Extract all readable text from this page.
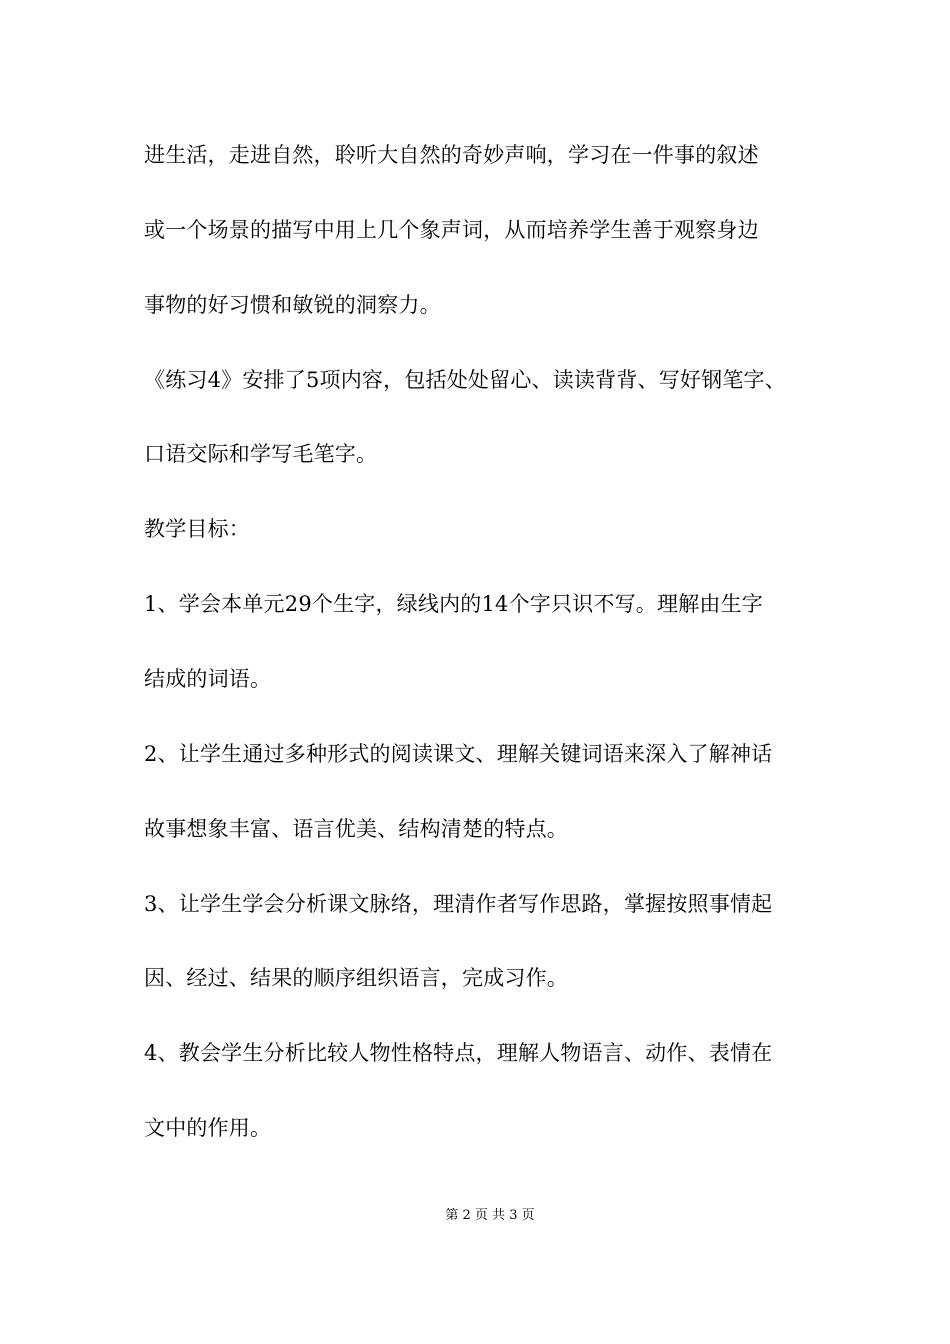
进生活，走进自然，聆听大自然的奇妙声响，学习在一件事的叙述
或一个场景的描写中用上几个象声词，从而培养学生善于观察身边
事物的好习惯和敏锐的洞察力。
《练习4》安排了5项内容，包括处处留心、读读背背、写好钢笔字、
口语交际和学写毛笔字。
教学目标：
1、学会本单元29个生字，绿线内的14个字只识不写。理解由生字
结成的词语。
2、让学生通过多种形式的阅读课文、理解关键词语来深入了解神话
故事想象丰富、语言优美、结构清楚的特点。
3、让学生学会分析课文脉络，理清作者写作思路，掌握按照事情起
因、经过、结果的顺序组织语言，完成习作。
4、教会学生分析比较人物性格特点，理解人物语言、动作、表情在
文中的作用。
第 2 页 共 3 页
